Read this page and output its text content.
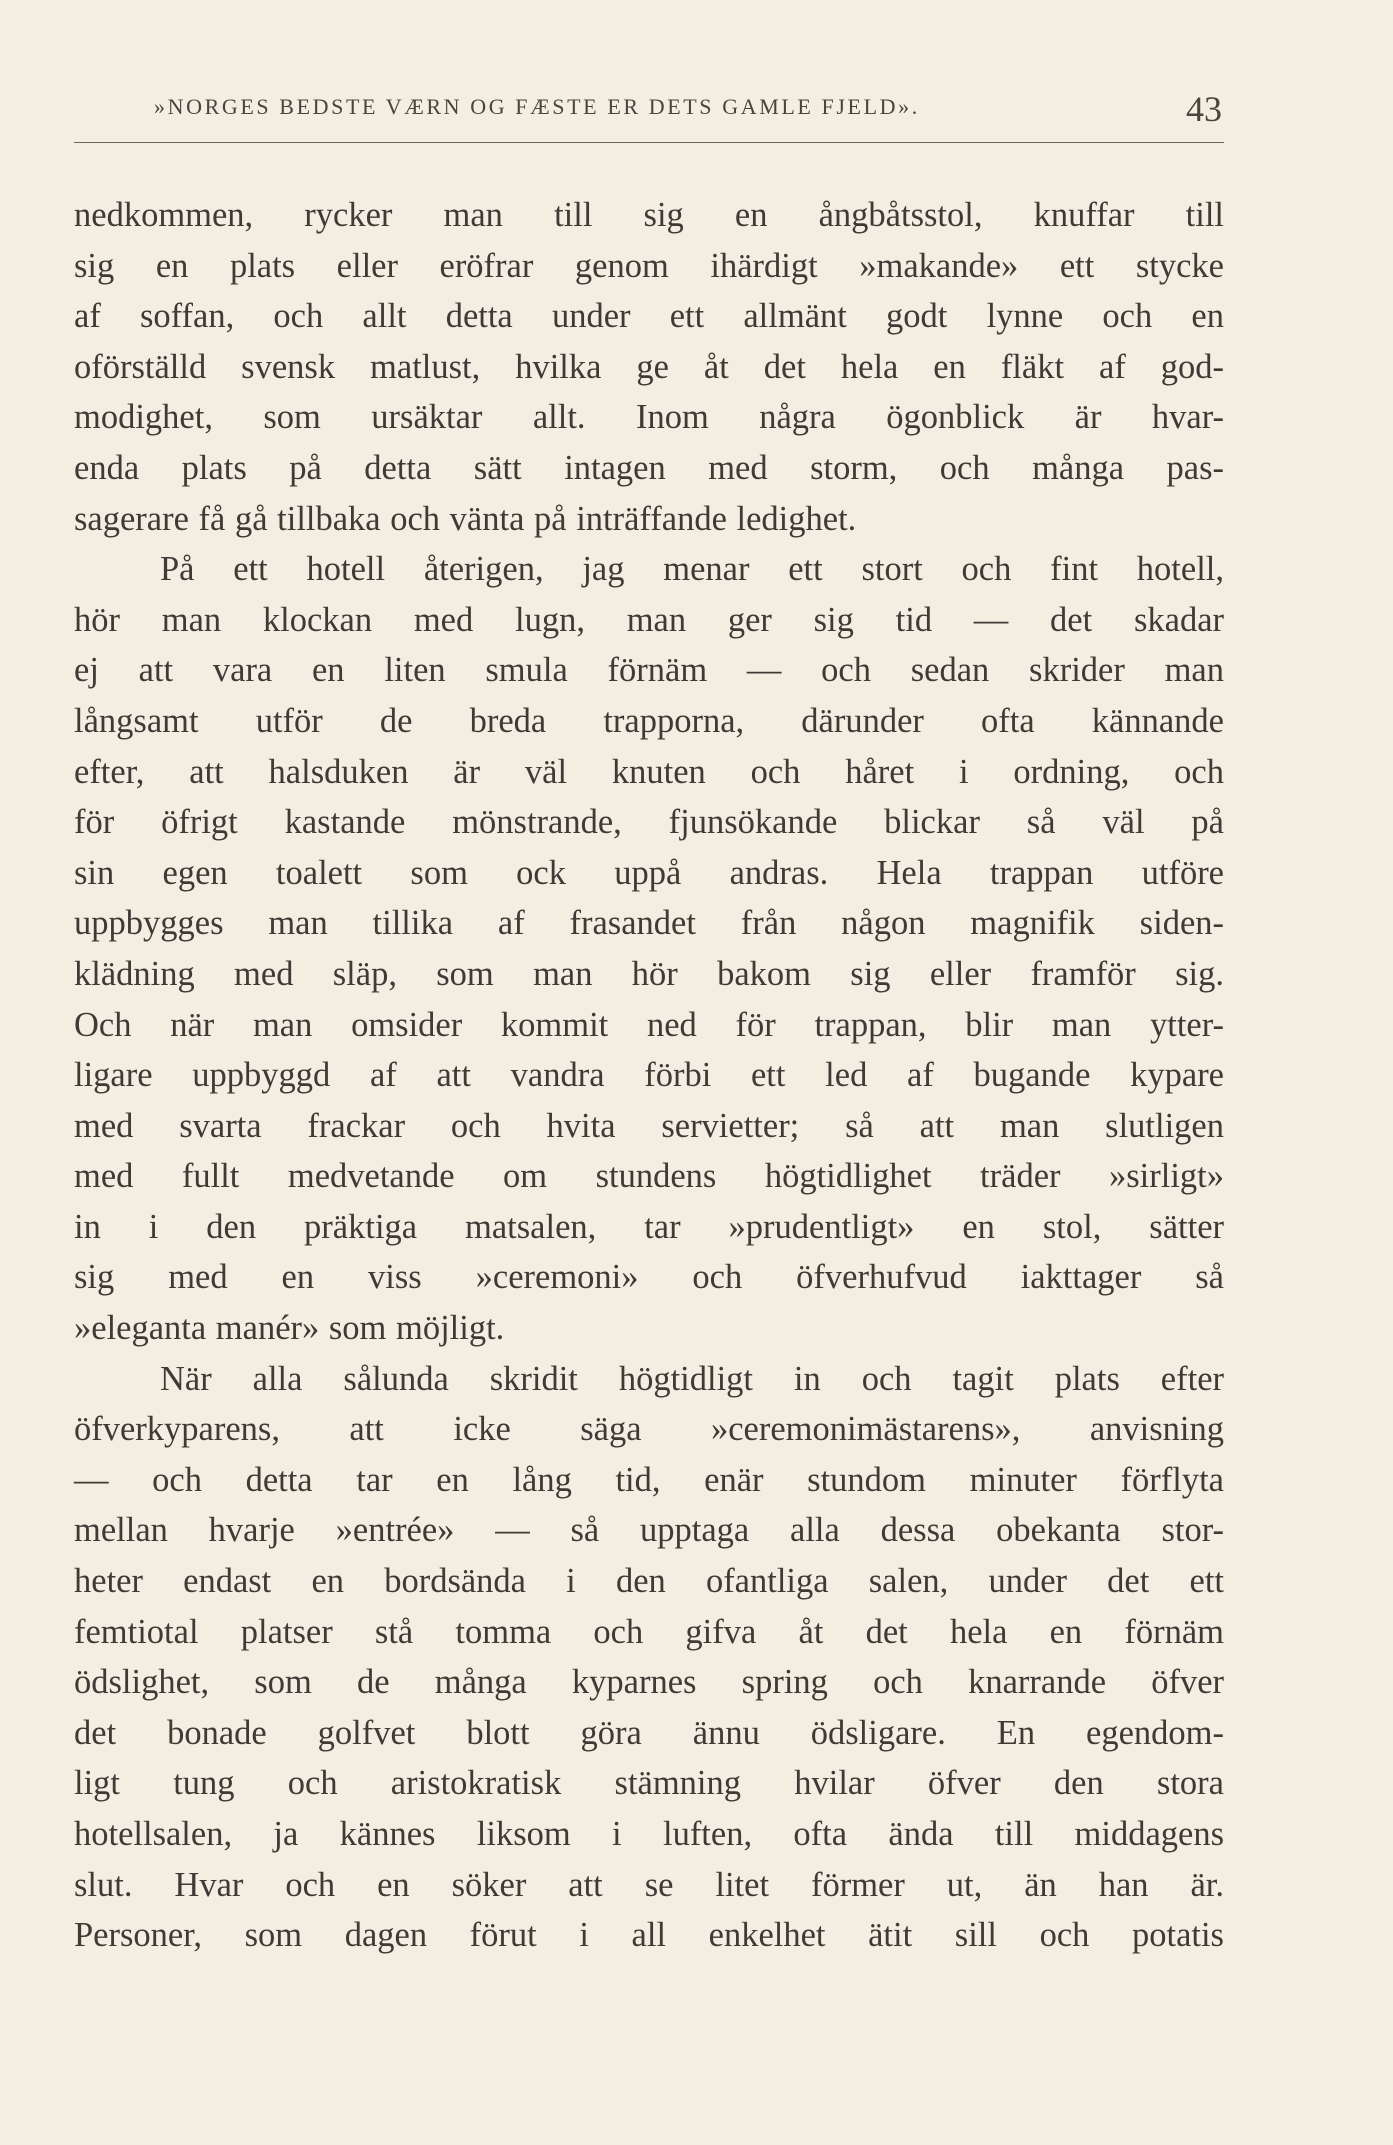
»NORGES BEDSTE VÆRN OG FÆSTE ER DETS GAMLE FJELD».	43
nedkommen, rycker man till sig en ångbåtsstol, knuffar till
sig en plats eller eröfrar genom ihärdigt »makande» ett stycke
af soffan, och allt detta under ett allmänt godt lynne och en
oförställd svensk matlust, hvilka ge åt det hela en fläkt af god-
modighet, som ursäktar allt. Inom några ögonblick är hvar-
enda plats på detta sätt intagen med storm, och många pas-
sagerare få gå tillbaka och vänta på inträffande ledighet.
På ett hotell återigen, jag menar ett stort och fint hotell,
hör man klockan med lugn, man ger sig tid — det skadar
ej att vara en liten smula förnäm — och sedan skrider man
långsamt utför de breda trapporna, därunder ofta kännande
efter, att halsduken är väl knuten och håret i ordning, och
för öfrigt kastande mönstrande, fjunsökande blickar så väl på
sin egen toalett som ock uppå andras. Hela trappan utföre
uppbygges man tillika af frasandet från någon magnifik siden-
klädning med släp, som man hör bakom sig eller framför sig.
Och när man omsider kommit ned för trappan, blir man ytter-
ligare uppbyggd af att vandra förbi ett led af bugande kypare
med svarta frackar och hvita servietter; så att man slutligen
med fullt medvetande om stundens högtidlighet träder »sirligt»
in i den präktiga matsalen, tar »prudentligt» en stol, sätter
sig med en viss »ceremoni» och öfverhufvud iakttager så
»eleganta manér» som möjligt.
När alla sålunda skridit högtidligt in och tagit plats efter
öfverkyparens, att icke säga »ceremonimästarens», anvisning
— och detta tar en lång tid, enär stundom minuter förflyta
mellan hvarje »entrée» — så upptaga alla dessa obekanta stor-
heter endast en bordsända i den ofantliga salen, under det ett
femtiotal platser stå tomma och gifva åt det hela en förnäm
ödslighet, som de många kyparnes spring och knarrande öfver
det bonade golfvet blott göra ännu ödsligare. En egendom-
ligt tung och aristokratisk stämning hvilar öfver den stora
hotellsalen, ja kännes liksom i luften, ofta ända till middagens
slut. Hvar och en söker att se litet förmer ut, än han är.
Personer, som dagen förut i all enkelhet ätit sill och potatis
